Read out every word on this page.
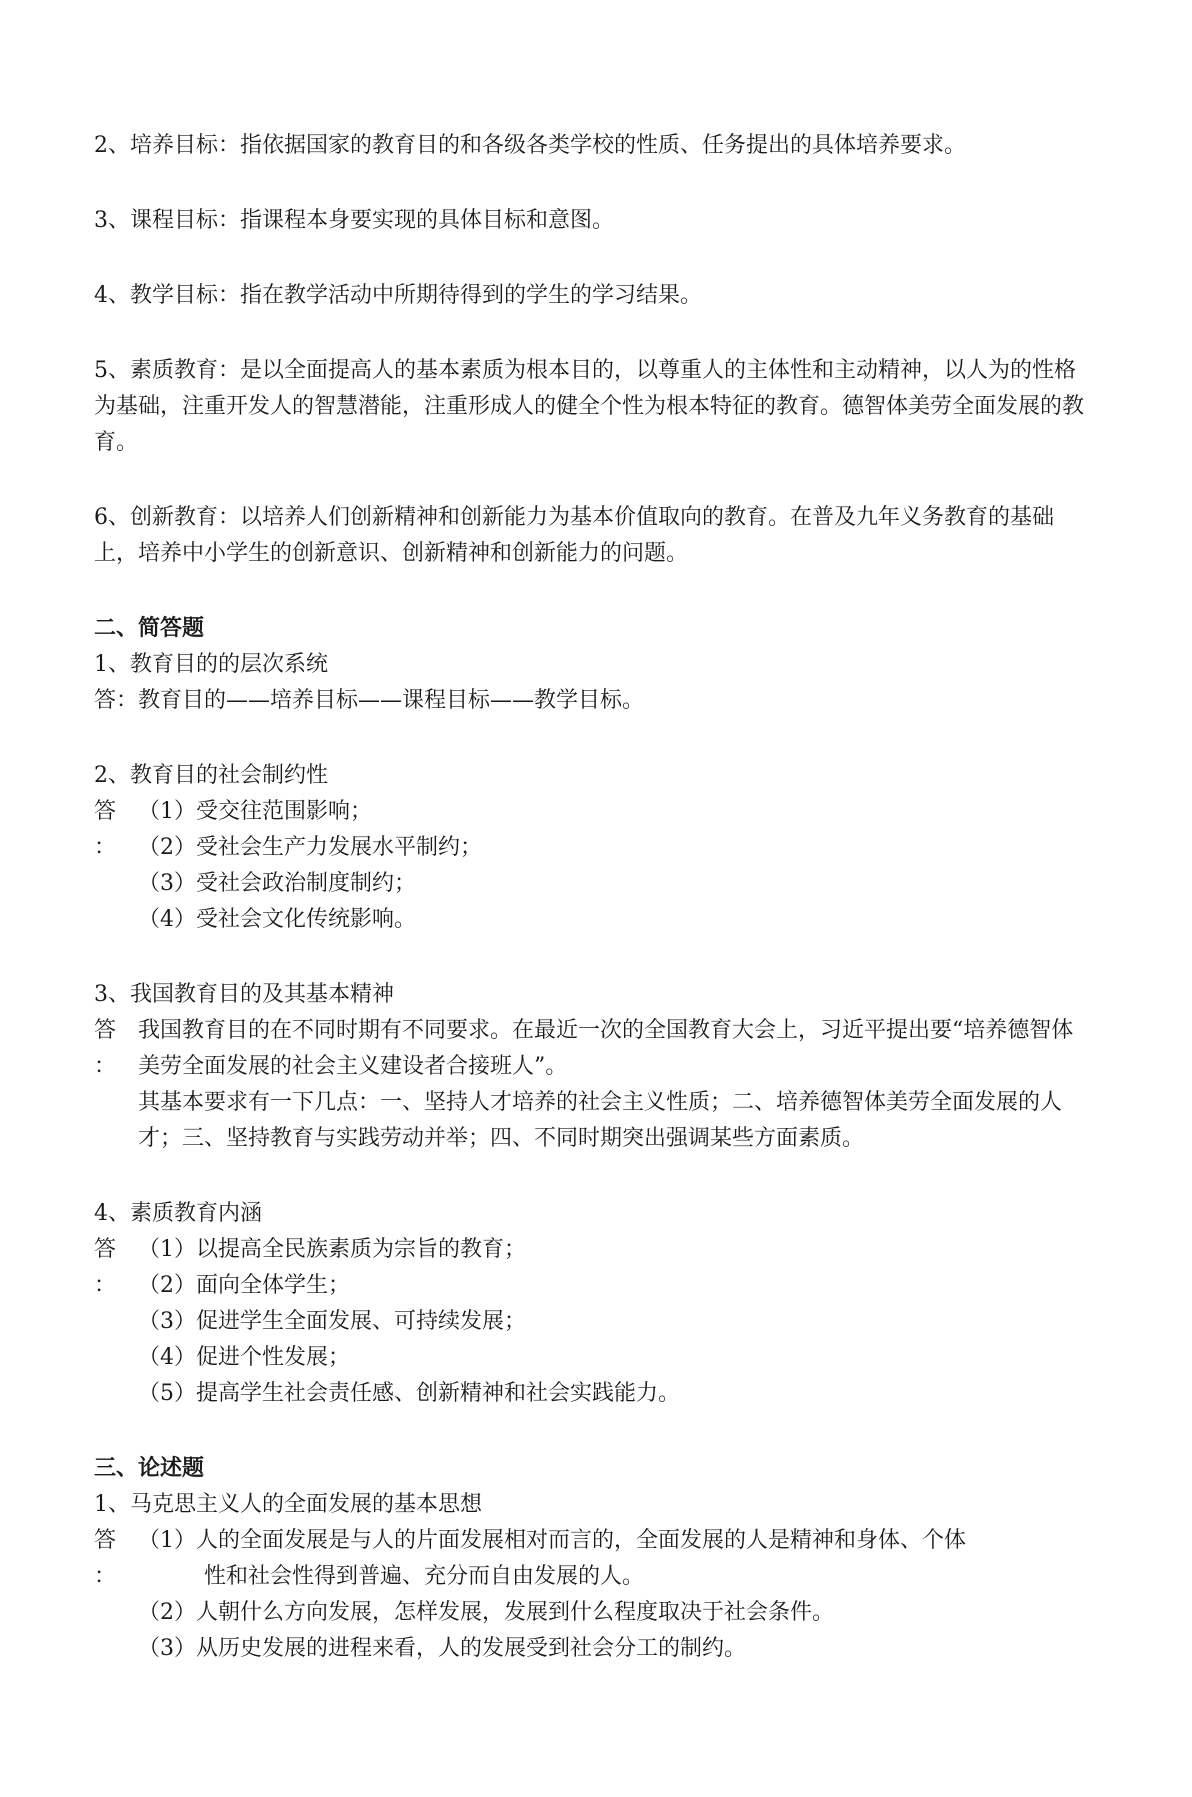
2、培养目标：指依据国家的教育目的和各级各类学校的性质、任务提出的具体培养要求。

3、课程目标：指课程本身要实现的具体目标和意图。

4、教学目标：指在教学活动中所期待得到的学生的学习结果。

5、素质教育：是以全面提高人的基本素质为根本目的，以尊重人的主体性和主动精神，以人为的性格为基础，注重开发人的智慧潜能，注重形成人的健全个性为根本特征的教育。德智体美劳全面发展的教育。

6、创新教育：以培养人们创新精神和创新能力为基本价值取向的教育。在普及九年义务教育的基础上，培养中小学生的创新意识、创新精神和创新能力的问题。

二、简答题

1、教育目的的层次系统

答：教育目的——培养目标——课程目标——教学目标。

2、教育目的社会制约性

答 ：

（1）受交往范围影响；

（2）受社会生产力发展水平制约；

（3）受社会政治制度制约；

（4）受社会文化传统影响。

3、我国教育目的及其基本精神

答 ：

我国教育目的在不同时期有不同要求。在最近一次的全国教育大会上，习近平提出要“培养德智体美劳全面发展的社会主义建设者合接班人”。

其基本要求有一下几点：一、坚持人才培养的社会主义性质；二、培养德智体美劳全面发展的人才；三、坚持教育与实践劳动并举；四、不同时期突出强调某些方面素质。

4、素质教育内涵

答 ：

（1）以提高全民族素质为宗旨的教育；

（2）面向全体学生；

（3）促进学生全面发展、可持续发展；

（4）促进个性发展；

（5）提高学生社会责任感、创新精神和社会实践能力。

三、论述题

1、马克思主义人的全面发展的基本思想

答 ：

（1）人的全面发展是与人的片面发展相对而言的，全面发展的人是精神和身体、个体

性和社会性得到普遍、充分而自由发展的人。

（2）人朝什么方向发展，怎样发展，发展到什么程度取决于社会条件。

（3）从历史发展的进程来看，人的发展受到社会分工的制约。
